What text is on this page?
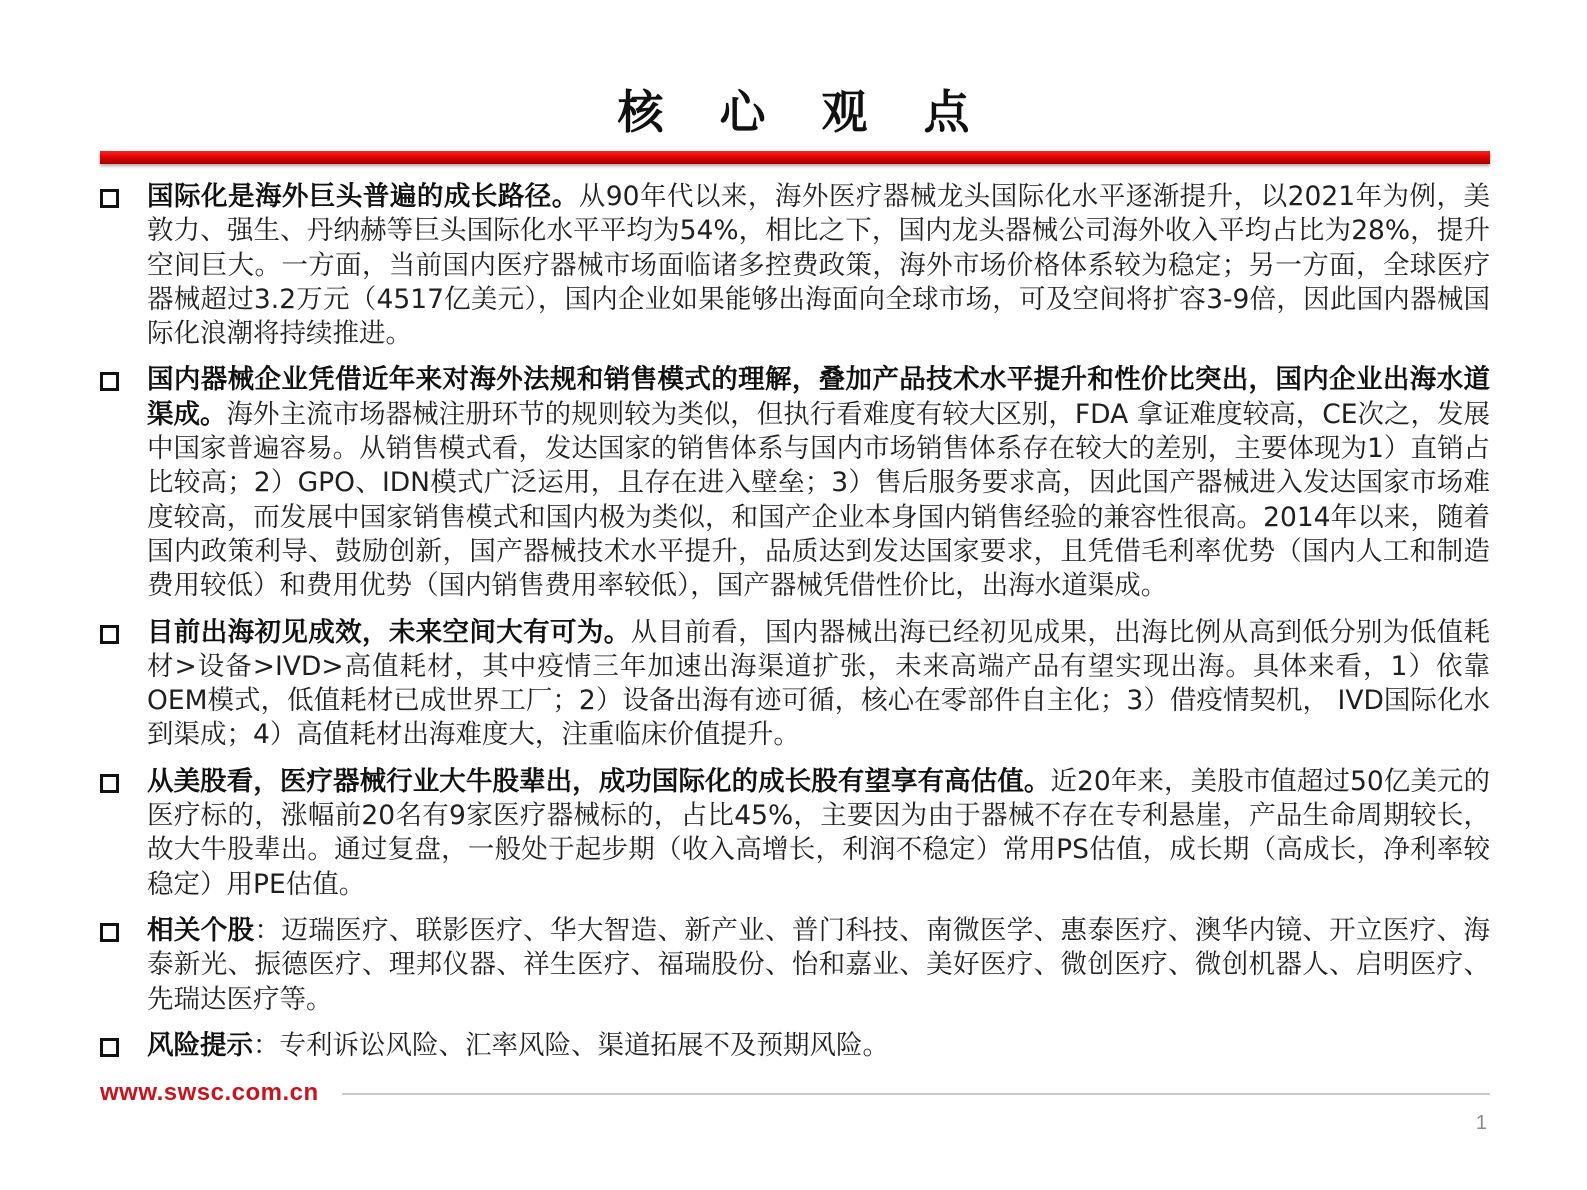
核 心 观 点
国际化是海外巨头普遍的成长路径。从90年代以来，海外医疗器械龙头国际化水平逐渐提升，以2021年为例，美敦力、强生、丹纳赫等巨头国际化水平平均为54%，相比之下，国内龙头器械公司海外收入平均占比为28%，提升空间巨大。一方面，当前国内医疗器械市场面临诸多控费政策，海外市场价格体系较为稳定；另一方面，全球医疗器械超过3.2万元（4517亿美元），国内企业如果能够出海面向全球市场，可及空间将扩容3-9倍，因此国内器械国际化浪潮将持续推进。
国内器械企业凭借近年来对海外法规和销售模式的理解，叠加产品技术水平提升和性价比突出，国内企业出海水道渠成。海外主流市场器械注册环节的规则较为类似，但执行看难度有较大区别，FDA 拿证难度较高，CE次之，发展中国家普遍容易。从销售模式看，发达国家的销售体系与国内市场销售体系存在较大的差别，主要体现为1）直销占比较高；2）GPO、IDN模式广泛运用，且存在进入壁垒；3）售后服务要求高，因此国产器械进入发达国家市场难度较高，而发展中国家销售模式和国内极为类似，和国产企业本身国内销售经验的兼容性很高。2014年以来，随着国内政策利导、鼓励创新，国产器械技术水平提升，品质达到发达国家要求，且凭借毛利率优势（国内人工和制造费用较低）和费用优势（国内销售费用率较低），国产器械凭借性价比，出海水道渠成。
目前出海初见成效，未来空间大有可为。从目前看，国内器械出海已经初见成果，出海比例从高到低分别为低值耗材>设备>IVD>高值耗材，其中疫情三年加速出海渠道扩张，未来高端产品有望实现出海。具体来看，1）依靠OEM模式，低值耗材已成世界工厂；2）设备出海有迹可循，核心在零部件自主化；3）借疫情契机， IVD国际化水到渠成；4）高值耗材出海难度大，注重临床价值提升。
从美股看，医疗器械行业大牛股辈出，成功国际化的成长股有望享有高估值。近20年来，美股市值超过50亿美元的医疗标的，涨幅前20名有9家医疗器械标的，占比45%，主要因为由于器械不存在专利悬崖，产品生命周期较长，故大牛股辈出。通过复盘，一般处于起步期（收入高增长，利润不稳定）常用PS估值，成长期（高成长，净利率较稳定）用PE估值。
相关个股：迈瑞医疗、联影医疗、华大智造、新产业、普门科技、南微医学、惠泰医疗、澳华内镜、开立医疗、海泰新光、振德医疗、理邦仪器、祥生医疗、福瑞股份、怡和嘉业、美好医疗、微创医疗、微创机器人、启明医疗、先瑞达医疗等。
风险提示：专利诉讼风险、汇率风险、渠道拓展不及预期风险。
www.swsc.com.cn
1
